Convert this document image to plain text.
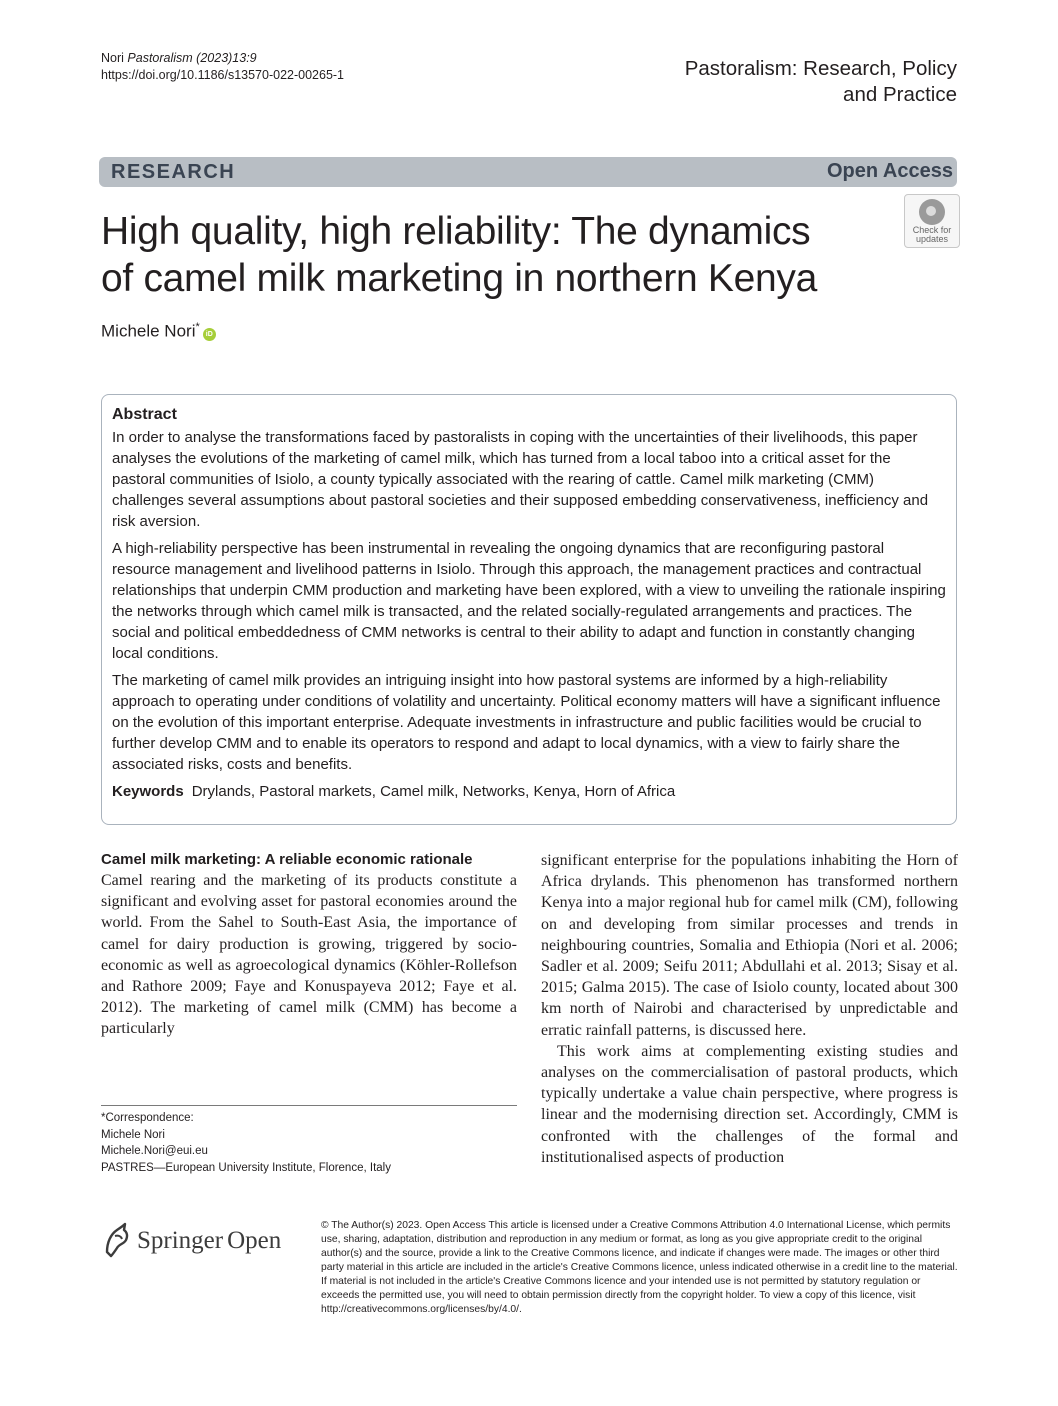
Nori Pastoralism (2023)13:9
https://doi.org/10.1186/s13570-022-00265-1	Pastoralism: Research, Policy
and Practice
RESEARCH	Open Access
High quality, high reliability: The dynamics
of camel milk marketing in northern Kenya
Check for
updates
Michele Nori*iD
Abstract

In order to analyse the transformations faced by pastoralists in coping with the uncertainties of their livelihoods, this paper analyses the evolutions of the marketing of camel milk, which has turned from a local taboo into a critical asset for the pastoral communities of Isiolo, a county typically associated with the rearing of cattle. Camel milk marketing (CMM) challenges several assumptions about pastoral societies and their supposed embedding conservativeness, inefficiency and risk aversion.

A high-reliability perspective has been instrumental in revealing the ongoing dynamics that are reconfiguring pastoral resource management and livelihood patterns in Isiolo. Through this approach, the management practices and contractual relationships that underpin CMM production and marketing have been explored, with a view to unveiling the rationale inspiring the networks through which camel milk is transacted, and the related socially-regulated arrangements and practices. The social and political embeddedness of CMM networks is central to their ability to adapt and function in constantly changing local conditions.

The marketing of camel milk provides an intriguing insight into how pastoral systems are informed by a high-reliability approach to operating under conditions of volatility and uncertainty. Political economy matters will have a significant influence on the evolution of this important enterprise. Adequate investments in infrastructure and public facilities would be crucial to further develop CMM and to enable its operators to respond and adapt to local dynamics, with a view to fairly share the associated risks, costs and benefits.

Keywords Drylands, Pastoral markets, Camel milk, Networks, Kenya, Horn of Africa

Camel milk marketing: A reliable economic rationale

Camel rearing and the marketing of its products constitute a significant and evolving asset for pastoral economies around the world. From the Sahel to South-East Asia, the importance of camel for dairy production is growing, triggered by socio-economic as well as agroecological dynamics (Köhler-Rollefson and Rathore 2009; Faye and Konuspayeva 2012; Faye et al. 2012). The marketing of camel milk (CMM) has become a particularly

significant enterprise for the populations inhabiting the Horn of Africa drylands. This phenomenon has transformed northern Kenya into a major regional hub for camel milk (CM), following on and developing from similar processes and trends in neighbouring countries, Somalia and Ethiopia (Nori et al. 2006; Sadler et al. 2009; Seifu 2011; Abdullahi et al. 2013; Sisay et al. 2015; Galma 2015). The case of Isiolo county, located about 300 km north of Nairobi and characterised by unpredictable and erratic rainfall patterns, is discussed here.

This work aims at complementing existing studies and analyses on the commercialisation of pastoral products, which typically undertake a value chain perspective, where progress is linear and the modernising direction set. Accordingly, CMM is confronted with the challenges of the formal and institutionalised aspects of production

*Correspondence:
Michele Nori
Michele.Nori@eui.eu
PASTRES—European University Institute, Florence, Italy
Springer Open
© The Author(s) 2023. Open Access This article is licensed under a Creative Commons Attribution 4.0 International License, which permits use, sharing, adaptation, distribution and reproduction in any medium or format, as long as you give appropriate credit to the original author(s) and the source, provide a link to the Creative Commons licence, and indicate if changes were made. The images or other third party material in this article are included in the article's Creative Commons licence, unless indicated otherwise in a credit line to the material. If material is not included in the article's Creative Commons licence and your intended use is not permitted by statutory regulation or exceeds the permitted use, you will need to obtain permission directly from the copyright holder. To view a copy of this licence, visit http://creativecommons.org/licenses/by/4.0/.
